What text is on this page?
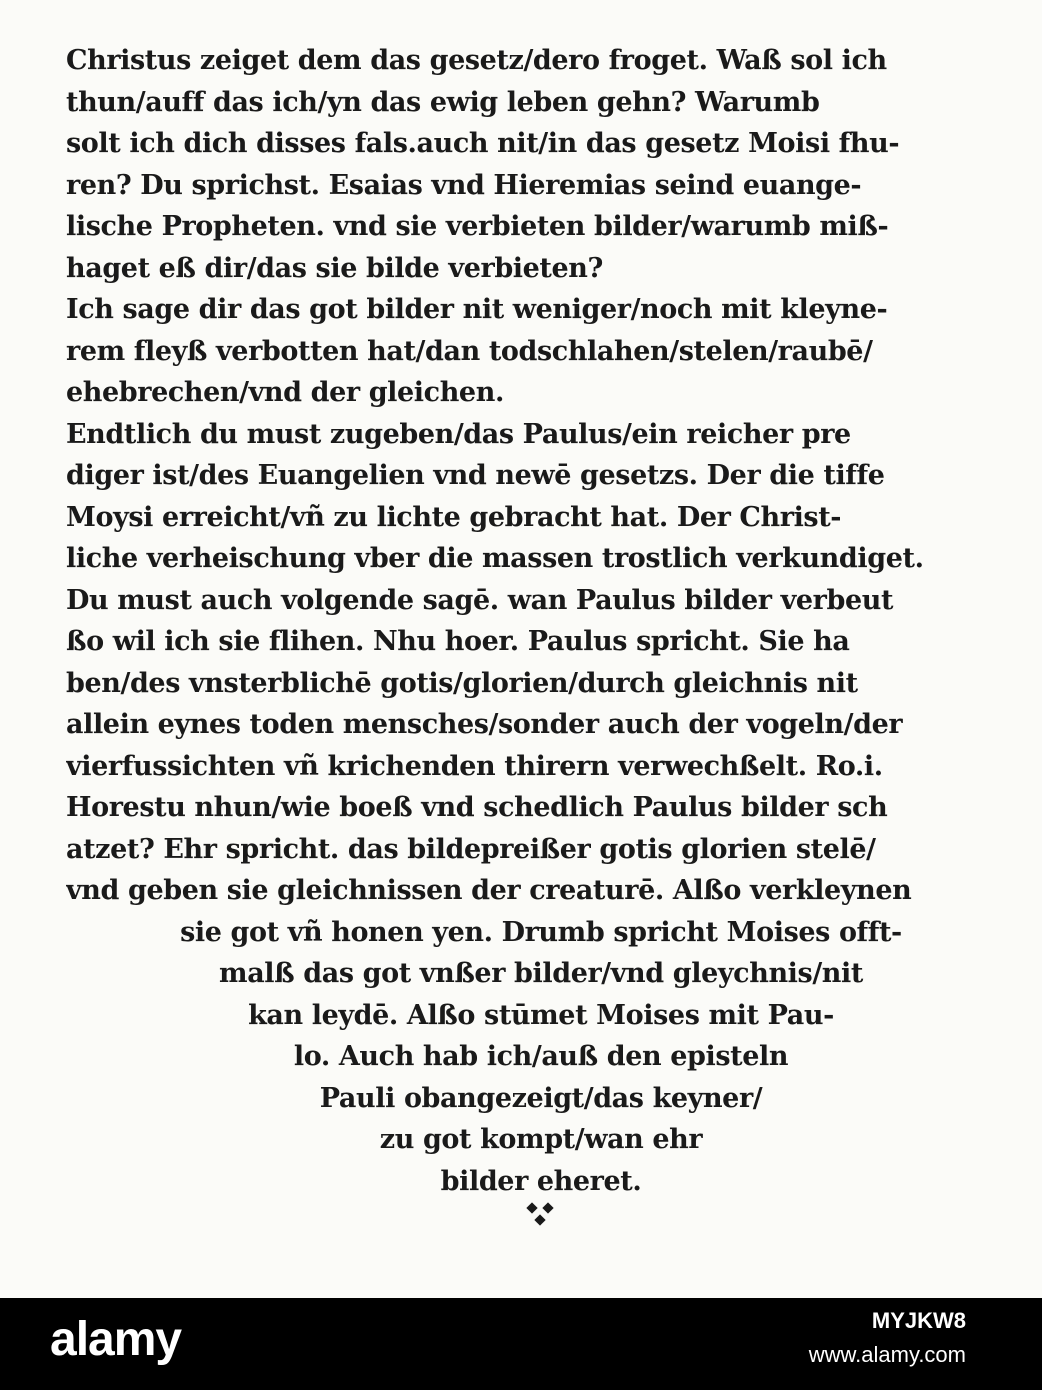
Christus zeiget dem das gesetz/dero froget. Waß sol ich
thun/auff das ich/yn das ewig leben gehn? Warumb
solt ich dich disses fals.auch nit/in das gesetz Moisi fhu-
ren? Du sprichst. Esaias vnd Hieremias seind euange-
lische Propheten. vnd sie verbieten bilder/warumb miß-
haget eß dir/das sie bilde verbieten?
Ich sage dir das got bilder nit weniger/noch mit kleyne-
rem fleyß verbotten hat/dan todschlahen/stelen/raubē/
ehebrechen/vnd der gleichen.
Endtlich du must zugeben/das Paulus/ein reicher pre
diger ist/des Euangelien vnd newē gesetzs. Der die tiffe
Moysi erreicht/vñ zu lichte gebracht hat. Der Christ-
liche verheischung vber die massen trostlich verkundiget.
Du must auch volgende sagē. wan Paulus bilder verbeut
ßo wil ich sie flihen. Nhu hoer. Paulus spricht. Sie ha
ben/des vnsterblichē gotis/glorien/durch gleichnis nit
allein eynes toden mensches/sonder auch der vogeln/der
vierfussichten vñ krichenden thirern verwechßelt. Ro.i.
Horestu nhun/wie boeß vnd schedlich Paulus bilder sch
atzet? Ehr spricht. das bildepreißer gotis glorien stelē/
vnd geben sie gleichnissen der creaturē. Alßo verkleynen
sie got vñ honen yen. Drumb spricht Moises offt-
malß das got vnßer bilder/vnd gleychnis/nit
kan leydē. Alßo stūmet Moises mit Pau-
lo. Auch hab ich/auß den episteln
Pauli obangezeigt/das keyner/
zu got kompt/wan ehr
bilder eheret.
alamy	MYJKW8
www.alamy.com
